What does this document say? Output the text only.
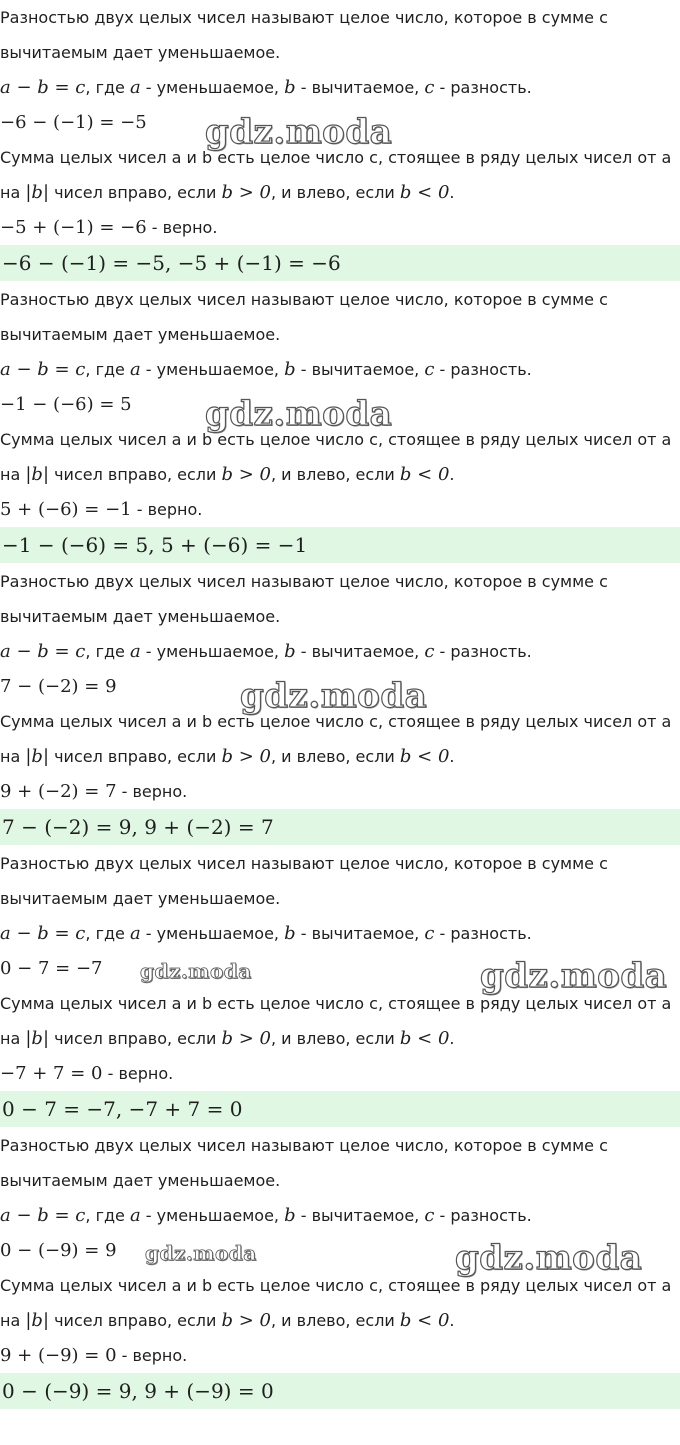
Разностью двух целых чисел называют целое число, которое в сумме с
вычитаемым дает уменьшаемое.
a − b = c, где a - уменьшаемое, b - вычитаемое, c - разность.
−6 − (−1) = −5
Сумма целых чисел a и b есть целое число c, стоящее в ряду целых чисел от a
на |b| чисел вправо, если b > 0, и влево, если b < 0.
−5 + (−1) = −6 - верно.
−6 − (−1) = −5, −5 + (−1) = −6
gdz.moda
Разностью двух целых чисел называют целое число, которое в сумме с
вычитаемым дает уменьшаемое.
a − b = c, где a - уменьшаемое, b - вычитаемое, c - разность.
−1 − (−6) = 5
Сумма целых чисел a и b есть целое число c, стоящее в ряду целых чисел от a
на |b| чисел вправо, если b > 0, и влево, если b < 0.
5 + (−6) = −1 - верно.
−1 − (−6) = 5, 5 + (−6) = −1
gdz.moda
Разностью двух целых чисел называют целое число, которое в сумме с
вычитаемым дает уменьшаемое.
a − b = c, где a - уменьшаемое, b - вычитаемое, c - разность.
7 − (−2) = 9
Сумма целых чисел a и b есть целое число c, стоящее в ряду целых чисел от a
на |b| чисел вправо, если b > 0, и влево, если b < 0.
9 + (−2) = 7 - верно.
7 − (−2) = 9, 9 + (−2) = 7
gdz.moda
Разностью двух целых чисел называют целое число, которое в сумме с
вычитаемым дает уменьшаемое.
a − b = c, где a - уменьшаемое, b - вычитаемое, c - разность.
0 − 7 = −7
Сумма целых чисел a и b есть целое число c, стоящее в ряду целых чисел от a
на |b| чисел вправо, если b > 0, и влево, если b < 0.
−7 + 7 = 0 - верно.
0 − 7 = −7, −7 + 7 = 0
gdz.moda	gdz.moda
Разностью двух целых чисел называют целое число, которое в сумме с
вычитаемым дает уменьшаемое.
a − b = c, где a - уменьшаемое, b - вычитаемое, c - разность.
0 − (−9) = 9
Сумма целых чисел a и b есть целое число c, стоящее в ряду целых чисел от a
на |b| чисел вправо, если b > 0, и влево, если b < 0.
9 + (−9) = 0 - верно.
0 − (−9) = 9, 9 + (−9) = 0
gdz.moda	gdz.moda
